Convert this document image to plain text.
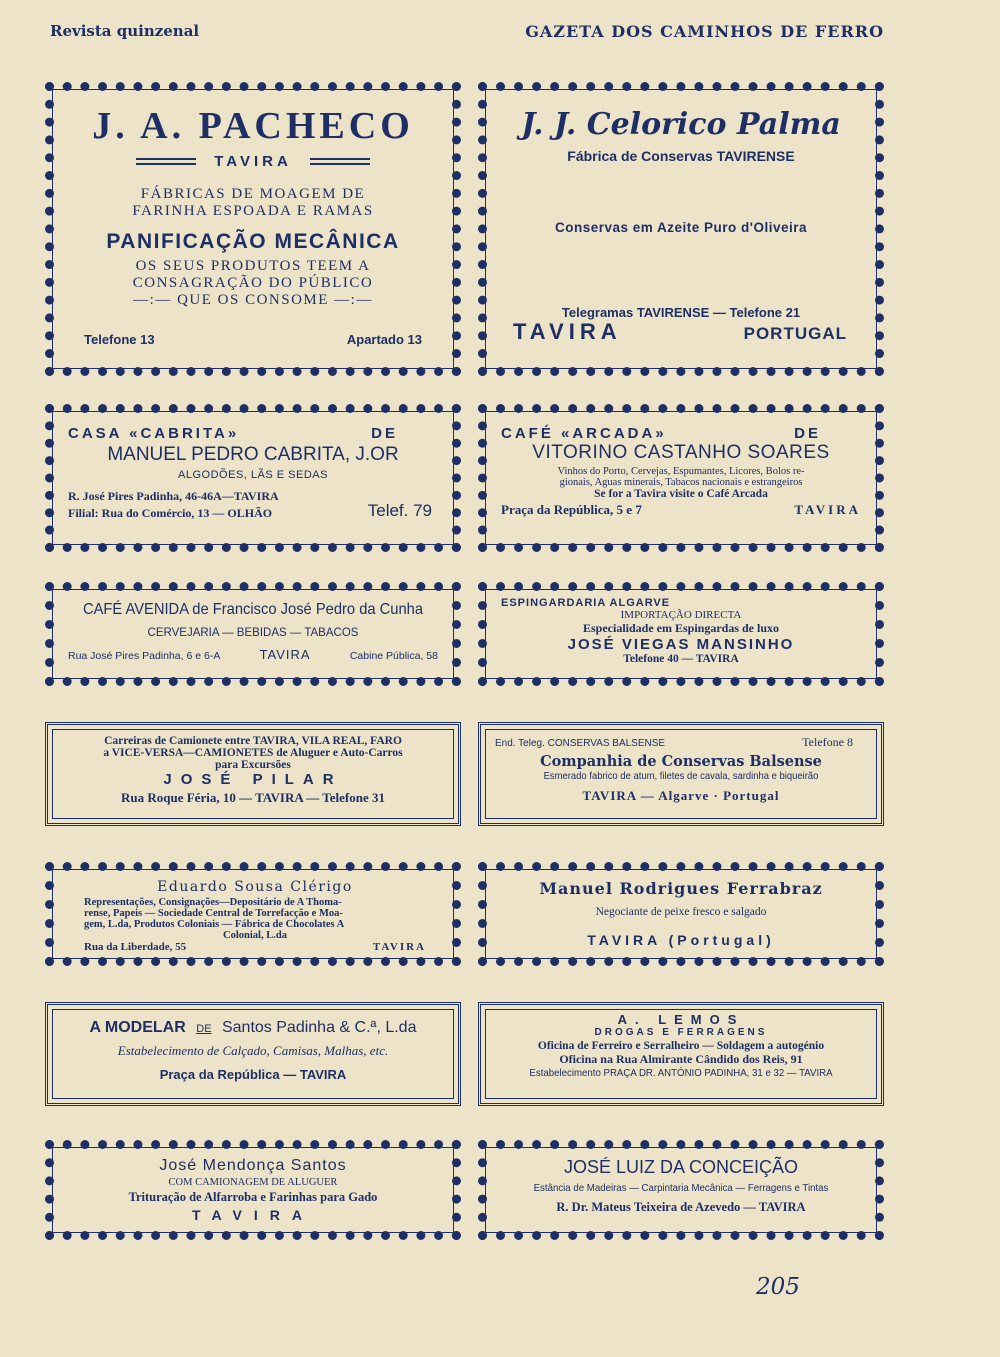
Revista quinzenal	GAZETA DOS CAMINHOS DE FERRO
J. A. PACHECO
TAVIRA
FÁBRICAS DE MOAGEM DE
FARINHA ESPOADA E RAMAS
PANIFICAÇÃO MECÂNICA
OS SEUS PRODUTOS TEEM A
CONSAGRAÇÃO DO PÚBLICO
—:— QUE OS CONSOME —:—
Telefone 13	Apartado 13
J. J. Celorico Palma
Fábrica de Conservas TAVIRENSE
Conservas em Azeite Puro d'Oliveira
Telegramas TAVIRENSE — Telefone 21
TAVIRA	PORTUGAL
CASA «CABRITA»	DE
MANUEL PEDRO CABRITA, J.OR
ALGODÕES, LÃS E SEDAS
R. José Pires Padinha, 46-46A—TAVIRA
Filial: Rua do Comércio, 13 — OLHÃO	Telef. 79
CAFÉ «ARCADA»	DE
VITORINO CASTANHO SOARES
Vinhos do Porto, Cervejas, Espumantes, Licores, Bolos re-
gionais, Aguas minerais, Tabacos nacionais e estrangeiros
Se for a Tavira visite o Café Arcada
Praça da República, 5 e 7	TAVIRA
CAFÉ AVENIDA de Francisco José Pedro da Cunha
CERVEJARIA — BEBIDAS — TABACOS
Rua José Pires Padinha, 6 e 6-A	TAVIRA	Cabine Pública, 58
ESPINGARDARIA ALGARVE
IMPORTAÇÃO DIRECTA
Especialidade em Espingardas de luxo
JOSÉ VIEGAS MANSINHO
Telefone 40 — TAVIRA
Carreiras de Camionete entre TAVIRA, VILA REAL, FARO
a VICE-VERSA—CAMIONETES de Aluguer e Auto-Carros
para Excursões
JOSÉ PILAR
Rua Roque Féria, 10 — TAVIRA — Telefone 31
End. Teleg. CONSERVAS BALSENSE	Telefone 8
Companhia de Conservas Balsense
Esmerado fabrico de atum, filetes de cavala, sardinha e biqueirão
TAVIRA — Algarve · Portugal
Eduardo Sousa Clérigo
Representações, Consignações—Depositário de A Thoma-
rense, Papeis — Sociedade Central de Torrefacção e Moa-
gem, L.da, Produtos Coloniais — Fábrica de Chocolates A
Colonial, L.da
Rua da Liberdade, 55	TAVIRA
Manuel Rodrigues Ferrabraz
Negociante de peixe fresco e salgado
TAVIRA (Portugal)
A MODELAR DE Santos Padinha & C.ª, L.da
Estabelecimento de Calçado, Camisas, Malhas, etc.
Praça da República — TAVIRA
A. LEMOS
DROGAS E FERRAGENS
Oficina de Ferreiro e Serralheiro — Soldagem a autogénio
Oficina na Rua Almirante Cândido dos Reis, 91
Estabelecimento PRAÇA DR. ANTÓNIO PADINHA, 31 e 32 — TAVIRA
José Mendonça Santos
COM CAMIONAGEM DE ALUGUER
Trituração de Alfarroba e Farinhas para Gado
TAVIRA
JOSÉ LUIZ DA CONCEIÇÃO
Estância de Madeiras — Carpintaria Mecânica — Ferragens e Tintas
R. Dr. Mateus Teixeira de Azevedo — TAVIRA
205
